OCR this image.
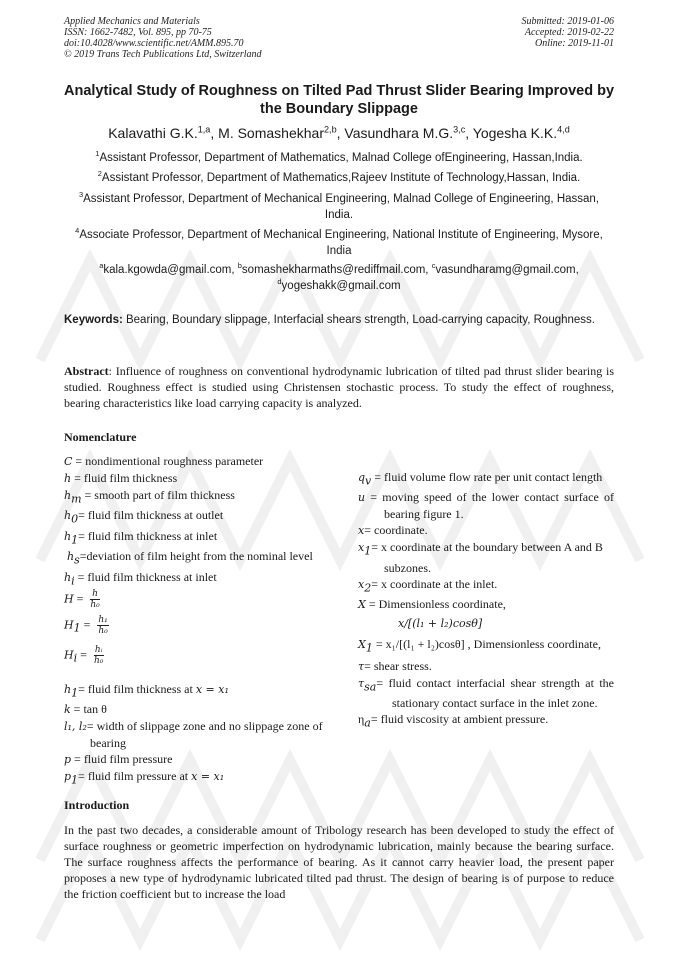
Applied Mechanics and Materials
ISSN: 1662-7482, Vol. 895, pp 70-75
doi:10.4028/www.scientific.net/AMM.895.70
© 2019 Trans Tech Publications Ltd, Switzerland
Submitted: 2019-01-06
Accepted: 2019-02-22
Online: 2019-11-01
Analytical Study of Roughness on Tilted Pad Thrust Slider Bearing Improved by the Boundary Slippage
Kalavathi G.K.$^{1,a}$, M. Somashekhar$^{2,b}$, Vasundhara M.G.$^{3,c}$, Yogesha K.K.$^{4,d}$
$^1$Assistant Professor, Department of Mathematics, Malnad College ofEngineering, Hassan,India.
$^2$Assistant Professor, Department of Mathematics,Rajeev Institute of Technology,Hassan, India.
$^3$Assistant Professor, Department of Mechanical Engineering, Malnad College of Engineering, Hassan, India.
$^4$Associate Professor, Department of Mechanical Engineering, National Institute of Engineering, Mysore, India
$^a$kala.kgowda@gmail.com, $^b$somashekharmaths@rediffmail.com, $^c$vasundharamg@gmail.com, $^d$yogeshakk@gmail.com
Keywords: Bearing, Boundary slippage, Interfacial shears strength, Load-carrying capacity, Roughness.
Abstract: Influence of roughness on conventional hydrodynamic lubrication of tilted pad thrust slider bearing is studied. Roughness effect is studied using Christensen stochastic process. To study the effect of roughness, bearing characteristics like load carrying capacity is analyzed.
Nomenclature
C = nondimentional roughness parameter
h = fluid film thickness
$h_m$ = smooth part of film thickness
$h_0=$ fluid film thickness at outlet
$h_1=$ fluid film thickness at inlet
$h_s=deviation$ of film height from the nominal level
$h_i$ = fluid film thickness at inlet
$H = \frac{h}{\text{h₀}}$
$H_1 = \frac{\text{h₁}}{\text{h₀}}$
$H_i = \frac{\text{hᵢ}}{\text{h₀}}$
$h_1=$ fluid film thickness at x = x₁
k = tan θ
l₁, l₂= width of slippage zone and no slippage zone of bearing
p = fluid film pressure
$p_1=$ fluid film pressure at x = x₁
$q_v$ = fluid volume flow rate per unit contact length
u = moving speed of the lower contact surface of bearing figure 1.
x= coordinate.
$x_1= x$ coordinate at the boundary between A and B subzones.
$x_2= x$ coordinate at the inlet.
X = Dimensionless coordinate,
x/[(l₁ + l₂)cosθ]
$X_1 = x_1/[(l_1 + l_2)\cos\theta]$ , Dimensionless coordinate,
τ= shear stress.
$\tau_{sa}=$ fluid contact interfacial shear strength at the stationary contact surface in the inlet zone.
$\eta_a=$ fluid viscosity at ambient pressure.
Introduction
In the past two decades, a considerable amount of Tribology research has been developed to study the effect of surface roughness or geometric imperfection on hydrodynamic lubrication, mainly because the bearing surface. The surface roughness affects the performance of bearing. As it cannot carry heavier load, the present paper proposes a new type of hydrodynamic lubricated tilted pad thrust. The design of bearing is of purpose to reduce the friction coefficient but to increase the load
